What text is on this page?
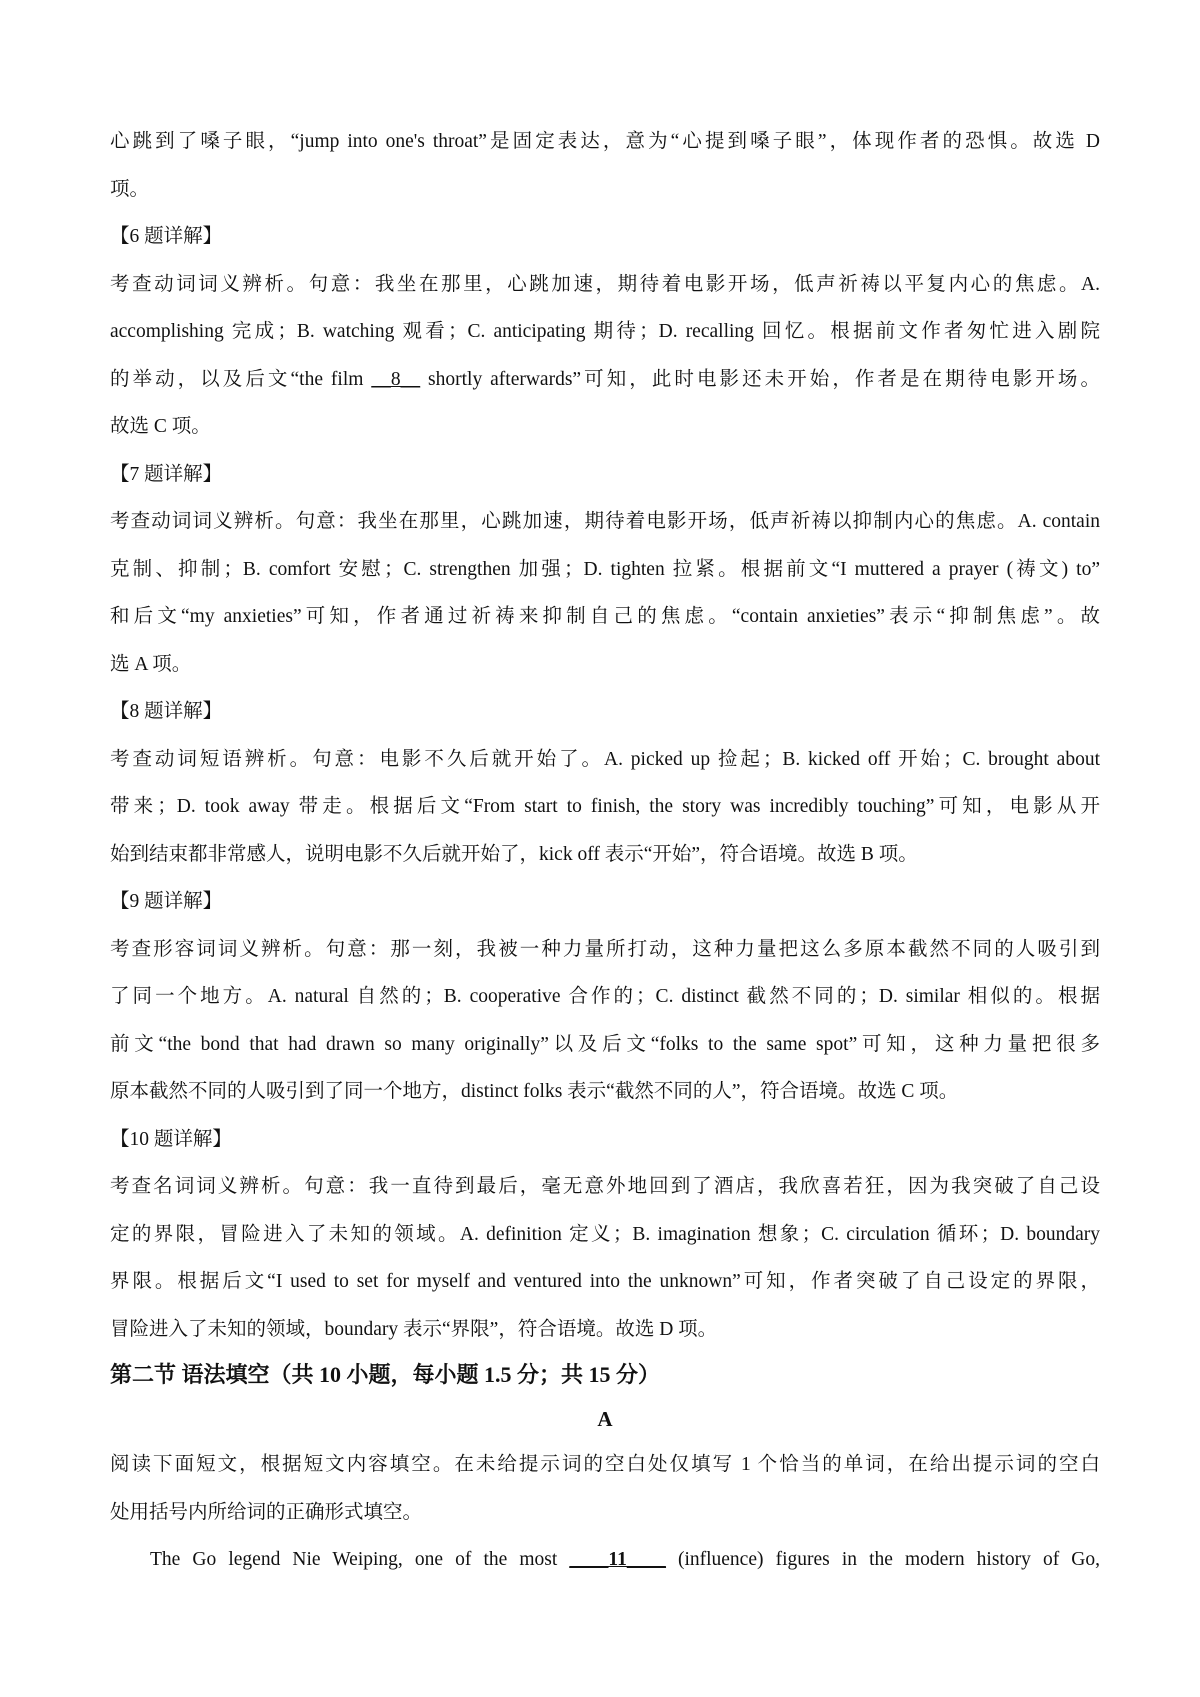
心跳到了嗓子眼，“jump into one's throat”是固定表达，意为“心提到嗓子眼”，体现作者的恐惧。故选 D
项。
【6 题详解】
考查动词词义辨析。句意：我坐在那里，心跳加速，期待着电影开场，低声祈祷以平复内心的焦虑。A.
accomplishing 完成；B. watching 观看；C. anticipating 期待；D. recalling 回忆。根据前文作者匆忙进入剧院
的举动，以及后文“the film __8__ shortly afterwards”可知，此时电影还未开始，作者是在期待电影开场。
故选 C 项。
【7 题详解】
考查动词词义辨析。句意：我坐在那里，心跳加速，期待着电影开场，低声祈祷以抑制内心的焦虑。A. contain
克制、抑制；B. comfort 安慰；C. strengthen 加强；D. tighten 拉紧。根据前文“I muttered a prayer (祷文) to”
和后文“my anxieties”可知，作者通过祈祷来抑制自己的焦虑。“contain anxieties”表示“抑制焦虑”。故
选 A 项。
【8 题详解】
考查动词短语辨析。句意：电影不久后就开始了。A. picked up 捡起；B. kicked off 开始；C. brought about
带来；D. took away 带走。根据后文“From start to finish, the story was incredibly touching”可知，电影从开
始到结束都非常感人，说明电影不久后就开始了，kick off 表示“开始”，符合语境。故选 B 项。
【9 题详解】
考查形容词词义辨析。句意：那一刻，我被一种力量所打动，这种力量把这么多原本截然不同的人吸引到
了同一个地方。A. natural 自然的；B. cooperative 合作的；C. distinct 截然不同的；D. similar 相似的。根据
前文“the bond that had drawn so many originally”以及后文“folks to the same spot”可知，这种力量把很多
原本截然不同的人吸引到了同一个地方，distinct folks 表示“截然不同的人”，符合语境。故选 C 项。
【10 题详解】
考查名词词义辨析。句意：我一直待到最后，毫无意外地回到了酒店，我欣喜若狂，因为我突破了自己设
定的界限，冒险进入了未知的领域。A. definition 定义；B. imagination 想象；C. circulation 循环；D. boundary
界限。根据后文“I used to set for myself and ventured into the unknown”可知，作者突破了自己设定的界限，
冒险进入了未知的领域，boundary 表示“界限”，符合语境。故选 D 项。
第二节 语法填空（共 10 小题，每小题 1.5 分；共 15 分）
A
阅读下面短文，根据短文内容填空。在未给提示词的空白处仅填写 1 个恰当的单词，在给出提示词的空白
处用括号内所给词的正确形式填空。
The Go legend Nie Weiping, one of the most ____11____ (influence) figures in the modern history of Go,
